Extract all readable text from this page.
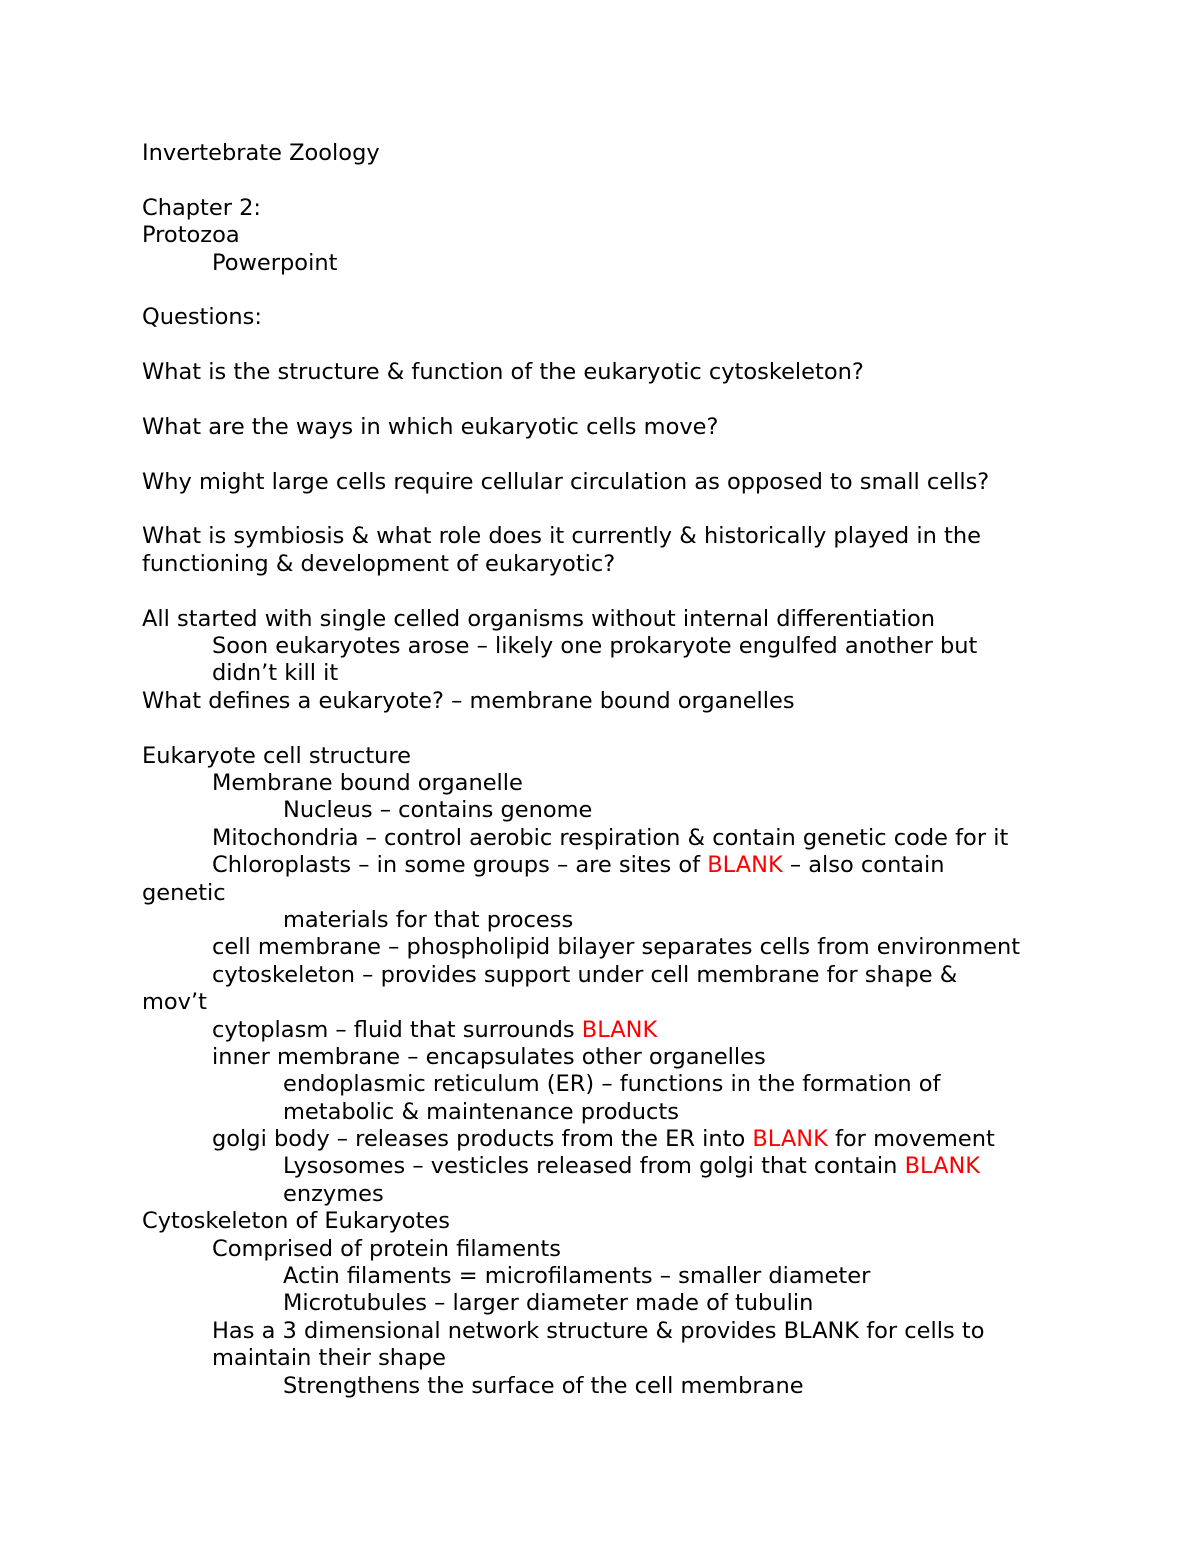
Invertebrate Zoology
Chapter 2:
Protozoa
Powerpoint
Questions:
What is the structure & function of the eukaryotic cytoskeleton?
What are the ways in which eukaryotic cells move?
Why might large cells require cellular circulation as opposed to small cells?
What is symbiosis & what role does it currently & historically played in the
functioning & development of eukaryotic?
All started with single celled organisms without internal differentiation
Soon eukaryotes arose – likely one prokaryote engulfed another but
didn’t kill it
What defines a eukaryote? – membrane bound organelles
Eukaryote cell structure
Membrane bound organelle
Nucleus – contains genome
Mitochondria – control aerobic respiration & contain genetic code for it
Chloroplasts – in some groups – are sites of BLANK – also contain
genetic
materials for that process
cell membrane – phospholipid bilayer separates cells from environment
cytoskeleton – provides support under cell membrane for shape &
mov’t
cytoplasm – fluid that surrounds BLANK
inner membrane – encapsulates other organelles
endoplasmic reticulum (ER) – functions in the formation of
metabolic & maintenance products
golgi body – releases products from the ER into BLANK for movement
Lysosomes – vesticles released from golgi that contain BLANK
enzymes
Cytoskeleton of Eukaryotes
Comprised of protein filaments
Actin filaments = microfilaments – smaller diameter
Microtubules – larger diameter made of tubulin
Has a 3 dimensional network structure & provides BLANK for cells to
maintain their shape
Strengthens the surface of the cell membrane
